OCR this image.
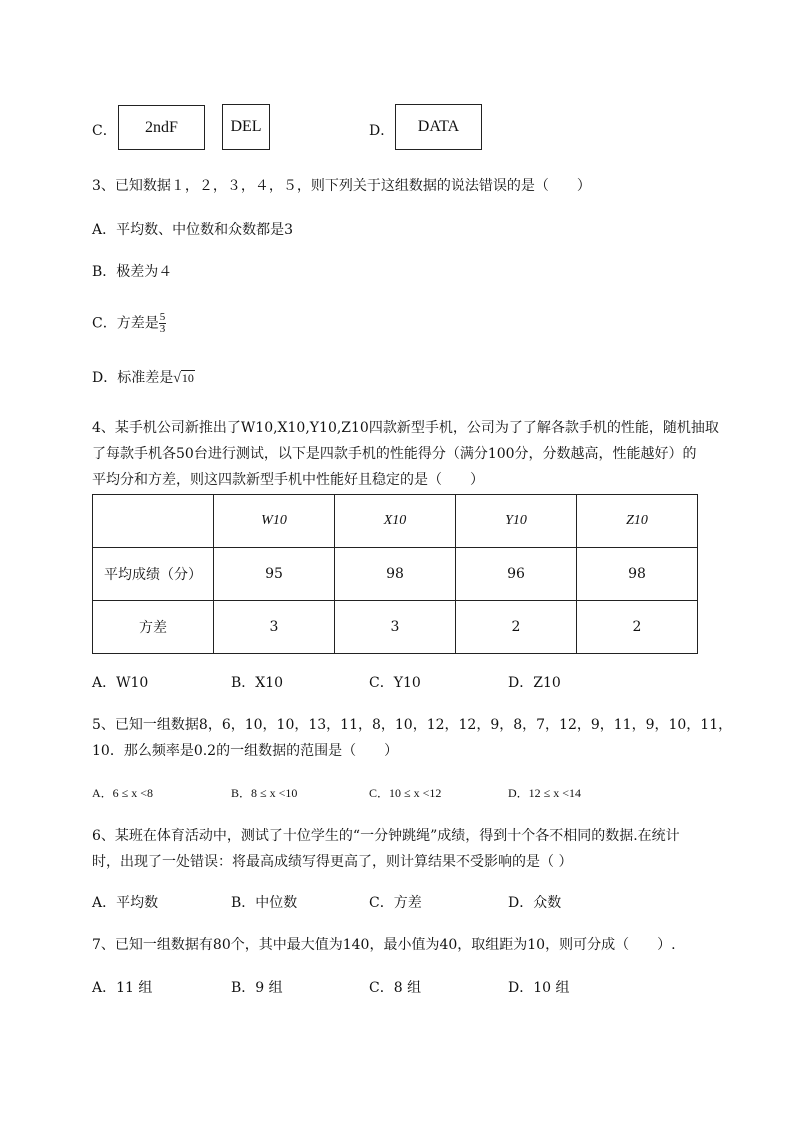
C．	2ndF	DEL	D．	DATA
3、已知数据１，２，３，４，５，则下列关于这组数据的说法错误的是（　　）
A．平均数、中位数和众数都是3
B．极差为４
C．方差是 $\frac{5}{3}$
D．标准差是√10
4、某手机公司新推出了W10,X10,Y10,Z10四款新型手机，公司为了了解各款手机的性能，随机抽取
了每款手机各50台进行测试，以下是四款手机的性能得分（满分100分，分数越高，性能越好）的
平均分和方差，则这四款新型手机中性能好且稳定的是（　　）
	W10	X10	Y10	Z10
平均成绩（分）	95	98	96	98
方差	3	3	2	2
A．W10	B．X10	C．Y10	D．Z10
5、已知一组数据8，6，10，10，13，11，8，10，12，12，9，8，7，12，9，11，9，10，11，
10．那么频率是0.2的一组数据的范围是（　　）
A．6 ≤ x <8	B．8 ≤ x <10	C．10 ≤ x <12	D．12 ≤ x <14
6、某班在体育活动中，测试了十位学生的“一分钟跳绳”成绩，得到十个各不相同的数据.在统计
时，出现了一处错误：将最高成绩写得更高了，则计算结果不受影响的是（ ）
A．平均数	B．中位数	C．方差	D．众数
7、已知一组数据有80个，其中最大值为140，最小值为40，取组距为10，则可分成（　　）.
A．11 组	B．9 组	C．8 组	D．10 组
